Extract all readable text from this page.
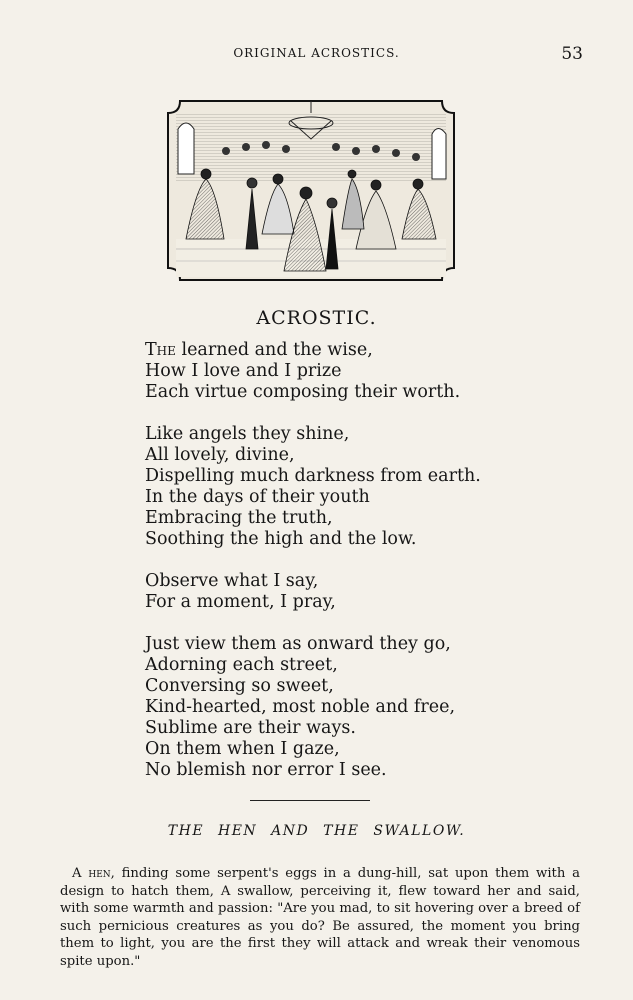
ORIGINAL ACROSTICS.	53
ACROSTIC.
The learned and the wise,
How I love and I prize
Each virtue composing their worth.
Like angels they shine,
All lovely, divine,
Dispelling much darkness from earth.
In the days of their youth
Embracing the truth,
Soothing the high and the low.
Observe what I say,
For a moment, I pray,
Just view them as onward they go,
Adorning each street,
Conversing so sweet,
Kind-hearted, most noble and free,
Sublime are their ways.
On them when I gaze,
No blemish nor error I see.
THE HEN AND THE SWALLOW.

A hen, finding some serpent's eggs in a dung-hill, sat upon them with a design to hatch them, A swallow, perceiving it, flew toward her and said, with some warmth and passion: "Are you mad, to sit hovering over a breed of such pernicious creatures as you do? Be assured, the moment you bring them to light, you are the first they will attack and wreak their venomous spite upon."
